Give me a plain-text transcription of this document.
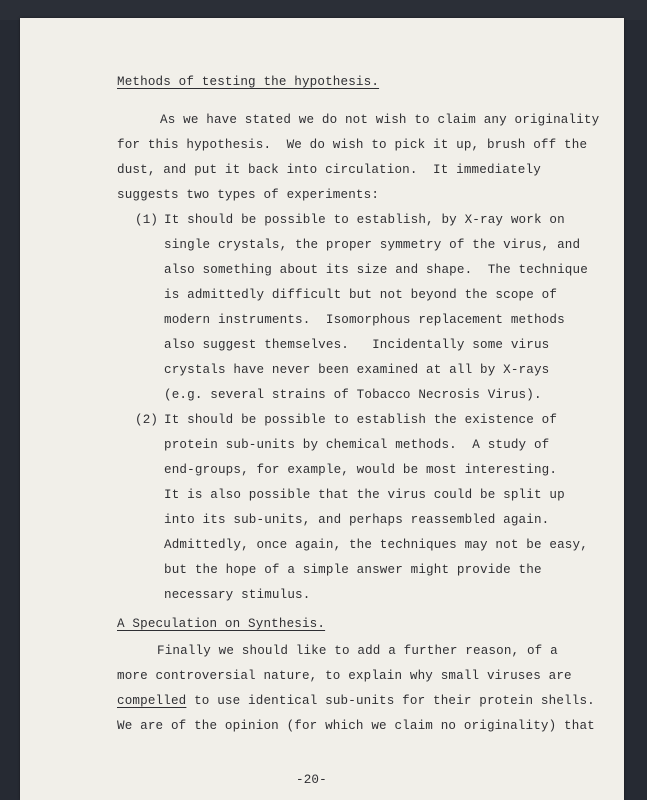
Methods of testing the hypothesis.
As we have stated we do not wish to claim any originality
for this hypothesis.  We do wish to pick it up, brush off the
dust, and put it back into circulation.  It immediately
suggests two types of experiments:
(1) It should be possible to establish, by X-ray work on
single crystals, the proper symmetry of the virus, and
also something about its size and shape.  The technique
is admittedly difficult but not beyond the scope of
modern instruments.  Isomorphous replacement methods
also suggest themselves.   Incidentally some virus
crystals have never been examined at all by X-rays
(e.g. several strains of Tobacco Necrosis Virus).
(2) It should be possible to establish the existence of
protein sub-units by chemical methods.  A study of
end-groups, for example, would be most interesting.
It is also possible that the virus could be split up
into its sub-units, and perhaps reassembled again.
Admittedly, once again, the techniques may not be easy,
but the hope of a simple answer might provide the
necessary stimulus.
A Speculation on Synthesis.
Finally we should like to add a further reason, of a
more controversial nature, to explain why small viruses are
compelled to use identical sub-units for their protein shells.
We are of the opinion (for which we claim no originality) that
-20-
